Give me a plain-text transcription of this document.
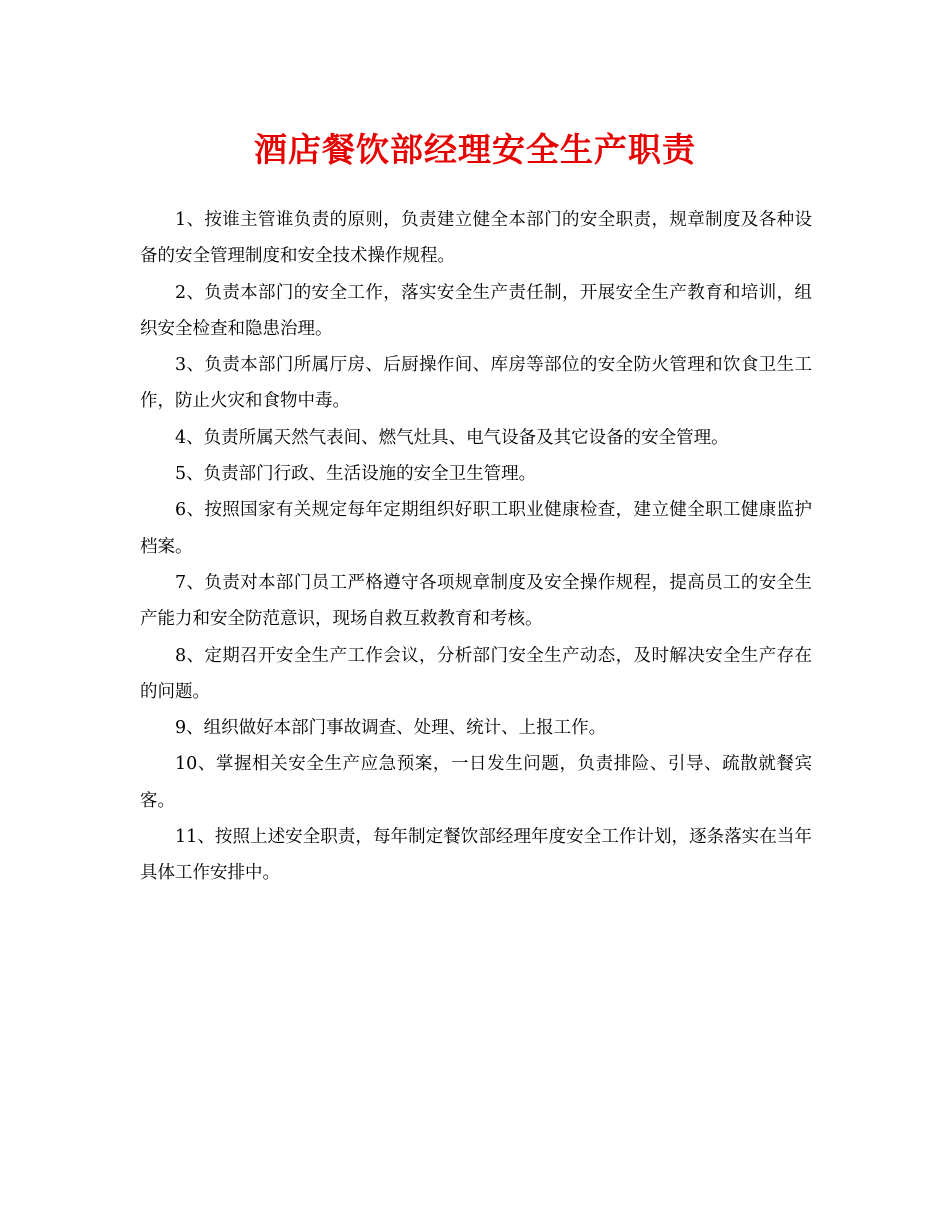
酒店餐饮部经理安全生产职责

1、按谁主管谁负责的原则，负责建立健全本部门的安全职责，规章制度及各种设备的安全管理制度和安全技术操作规程。

2、负责本部门的安全工作，落实安全生产责任制，开展安全生产教育和培训，组织安全检查和隐患治理。

3、负责本部门所属厅房、后厨操作间、库房等部位的安全防火管理和饮食卫生工作，防止火灾和食物中毒。

4、负责所属天然气表间、燃气灶具、电气设备及其它设备的安全管理。

5、负责部门行政、生活设施的安全卫生管理。

6、按照国家有关规定每年定期组织好职工职业健康检查，建立健全职工健康监护档案。

7、负责对本部门员工严格遵守各项规章制度及安全操作规程，提高员工的安全生产能力和安全防范意识，现场自救互救教育和考核。

8、定期召开安全生产工作会议，分析部门安全生产动态，及时解决安全生产存在的问题。

9、组织做好本部门事故调查、处理、统计、上报工作。

10、掌握相关安全生产应急预案，一日发生问题，负责排险、引导、疏散就餐宾客。

11、按照上述安全职责，每年制定餐饮部经理年度安全工作计划，逐条落实在当年具体工作安排中。
